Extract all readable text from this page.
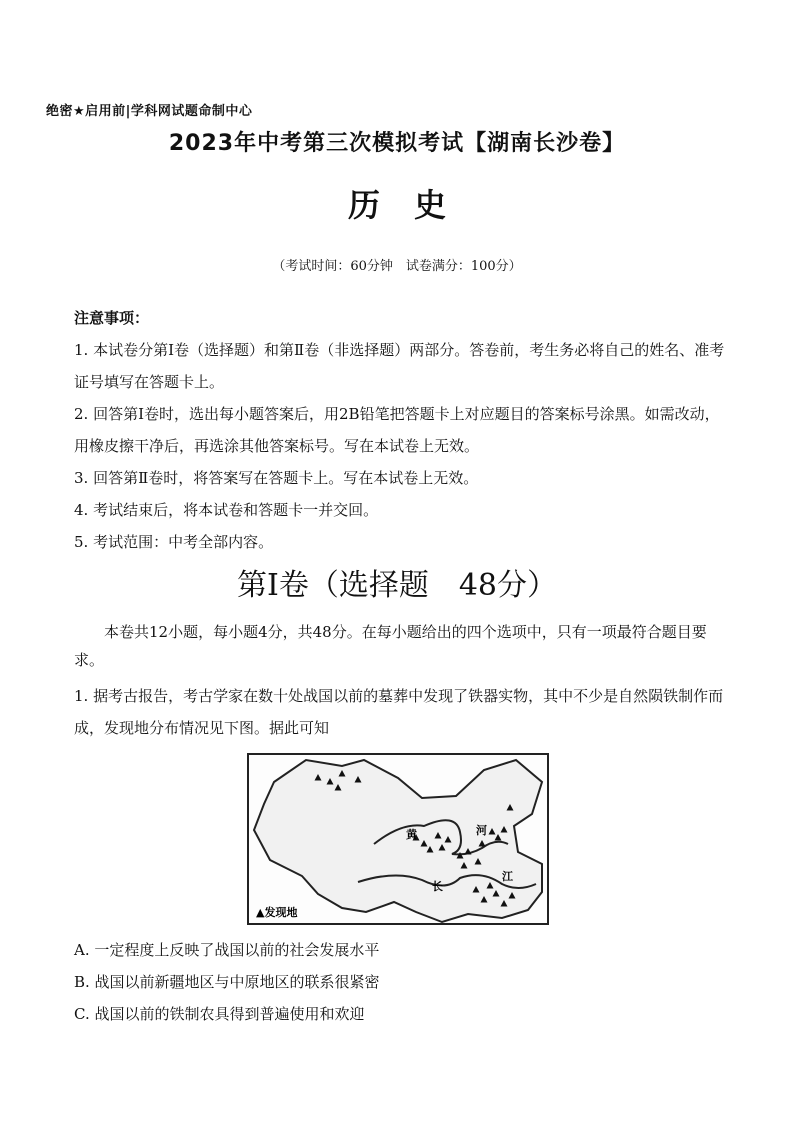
绝密★启用前|学科网试题命制中心
2023年中考第三次模拟考试【湖南长沙卷】
历史
（考试时间：60分钟　试卷满分：100分）

注意事项：

1. 本试卷分第Ⅰ卷（选择题）和第Ⅱ卷（非选择题）两部分。答卷前，考生务必将自己的姓名、准考证号填写在答题卡上。

2. 回答第Ⅰ卷时，选出每小题答案后，用2B铅笔把答题卡上对应题目的答案标号涂黑。如需改动，用橡皮擦干净后，再选涂其他答案标号。写在本试卷上无效。

3. 回答第Ⅱ卷时，将答案写在答题卡上。写在本试卷上无效。

4. 考试结束后，将本试卷和答题卡一并交回。

5. 考试范围：中考全部内容。

第Ⅰ卷（选择题　48分）
本卷共12小题，每小题4分，共48分。在每小题给出的四个选项中，只有一项最符合题目要求。

1. 据考古报告，考古学家在数十处战国以前的墓葬中发现了铁器实物，其中不少是自然陨铁制作而成，发现地分布情况见下图。据此可知

黄	河
长
江
▲发现地

A. 一定程度上反映了战国以前的社会发展水平

B. 战国以前新疆地区与中原地区的联系很紧密

C. 战国以前的铁制农具得到普遍使用和欢迎
